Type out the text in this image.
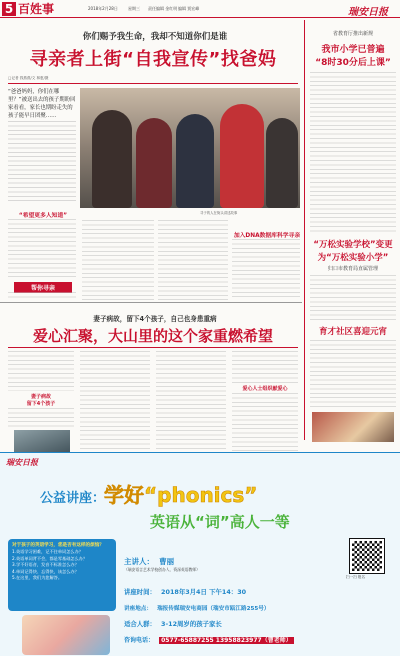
5 百姓事	2018年2月28日	星期三 责任编辑 金红明 编辑 贾宏峰	瑞安日报
你们赐予我生命，我却不知道你们是谁
寻亲者上街“自我宣传”找爸妈
□记者 钱燕燕/文 林惠/摄

“爸爸妈妈，你们在哪里？”被送出去的孩子期盼回家看看，家长也期盼走失的孩子能早日团聚……

寻子的人在街头讲述故事
“希望更多人知道”
帮你寻亲
加入DNA数据库科学寻亲
省教育厅推出新规
我市小学已普遍
“8时30分后上课”
“万松实验学校”变更
为“万松实验小学”
归口市教育局直属管理
育才社区喜迎元宵
妻子病故，留下4个孩子，自己也身患重病
爱心汇聚，大山里的这个家重燃希望
妻子病故
留下4个孩子
爱心人士组织献爱心
瑞安日报
公益讲座：
学好“phonics”
英语从“词”高人一等
扫一扫 报名
对于孩子的英语学习，您是否有这样的烦恼？
1.英语学习困难，记不住单词怎么办？
2.英语单词背不会，都是零基础怎么办？
3.学不好语音，发音不标准怎么办？
4.单词记得快、忘得快，该怎么办？
5.在这里，我们为您解答。
主讲人： 曹丽
（瑞安语言艺术学校创办人、资深英语教师）
讲座时间： 2018年3月4日 下午14：30
讲座地点： 瑞报传媒瑞安电商园（瑞安市瓯江路255号）
适合人群： 3-12周岁的孩子家长
咨询电话： 0577-65887255 13958823977（曹老师）
